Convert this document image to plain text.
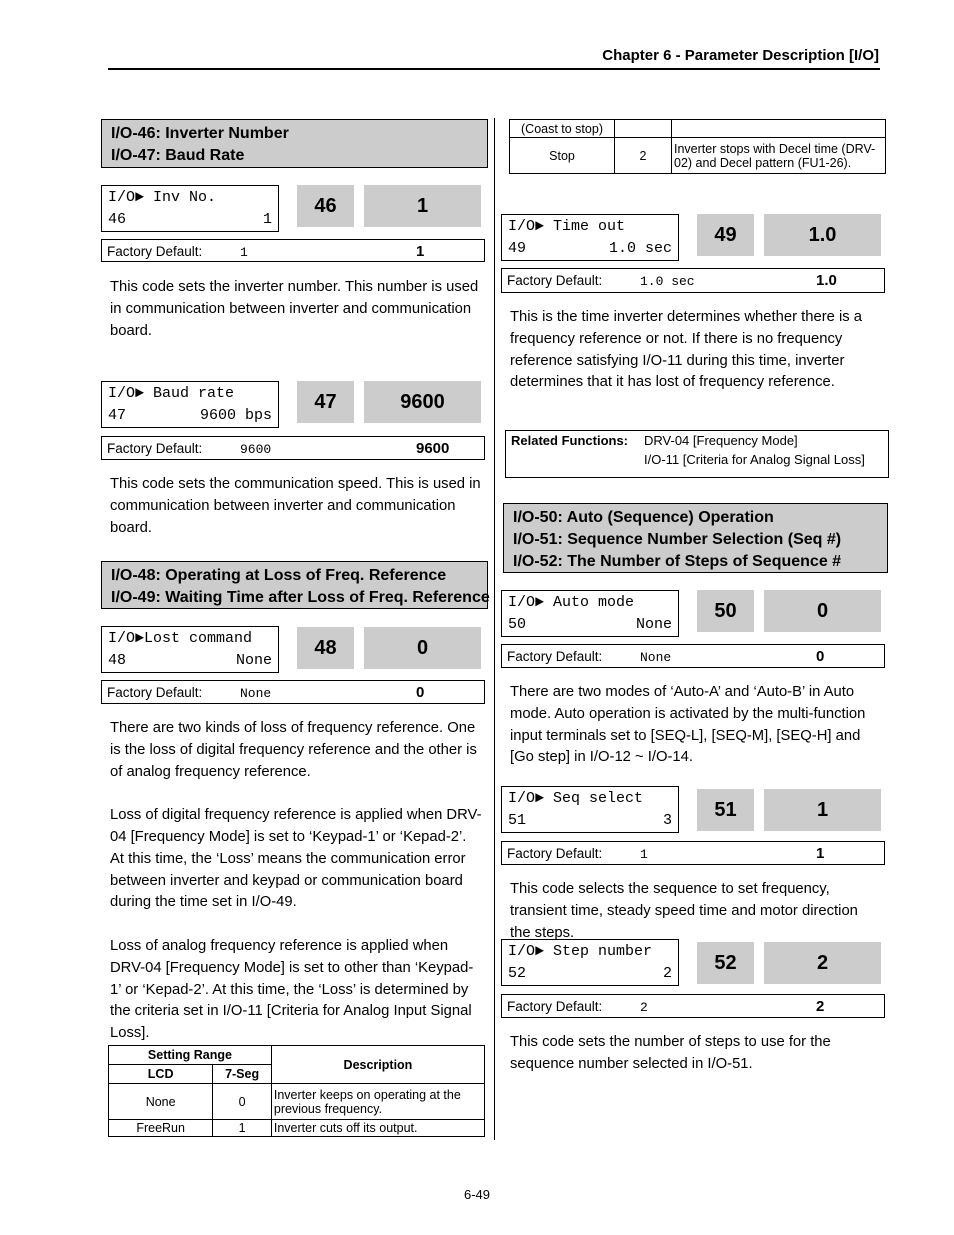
Chapter 6 - Parameter Description [I/O]
I/O-46: Inverter Number
I/O-47: Baud Rate
I/O► Inv No.
46	1
46	1
Factory Default:	1	1
This code sets the inverter number. This number is used in communication between inverter and communication board.
I/O► Baud rate
47	9600 bps
47	9600
Factory Default:	9600	9600
This code sets the communication speed. This is used in communication between inverter and communication board.
I/O-48: Operating at Loss of Freq. Reference
I/O-49: Waiting Time after Loss of Freq. Reference
I/O►Lost command
48	None
48	0
Factory Default:	None	0

There are two kinds of loss of frequency reference. One is the loss of digital frequency reference and the other is of analog frequency reference.

Loss of digital frequency reference is applied when DRV-04 [Frequency Mode] is set to ‘Keypad-1’ or ‘Kepad-2’. At this time, the ‘Loss’ means the communication error between inverter and keypad or communication board during the time set in I/O-49.

Loss of analog frequency reference is applied when DRV-04 [Frequency Mode] is set to other than ‘Keypad-1’ or ‘Kepad-2’. At this time, the ‘Loss’ is determined by the criteria set in I/O-11 [Criteria for Analog Input Signal Loss].

Setting Range		Description
LCD	7-Seg	
None	0	Inverter keeps on operating at the previous frequency.
FreeRun	1	Inverter cuts off its output.
(Coast to stop)		
Stop	2	Inverter stops with Decel time (DRV-02) and Decel pattern (FU1-26).
I/O► Time out
49	1.0 sec
49	1.0
Factory Default:	1.0 sec	1.0
This is the time inverter determines whether there is a frequency reference or not. If there is no frequency reference satisfying I/O-11 during this time, inverter determines that it has lost of frequency reference.
Related Functions: DRV-04 [Frequency Mode]
I/O-11 [Criteria for Analog Signal Loss]
I/O-50: Auto (Sequence) Operation
I/O-51: Sequence Number Selection (Seq #)
I/O-52: The Number of Steps of Sequence #
I/O► Auto mode
50	None
50	0
Factory Default:	None	0
There are two modes of ‘Auto-A’ and ‘Auto-B’ in Auto mode. Auto operation is activated by the multi-function input terminals set to [SEQ-L], [SEQ-M], [SEQ-H] and [Go step] in I/O-12 ~ I/O-14.
I/O► Seq select
51	3	51	1
Factory Default:	1	1
This code selects the sequence to set frequency, transient time, steady speed time and motor direction the steps.
I/O► Step number
52	2	52	2
Factory Default:	2	2
This code sets the number of steps to use for the sequence number selected in I/O-51.
6-49
